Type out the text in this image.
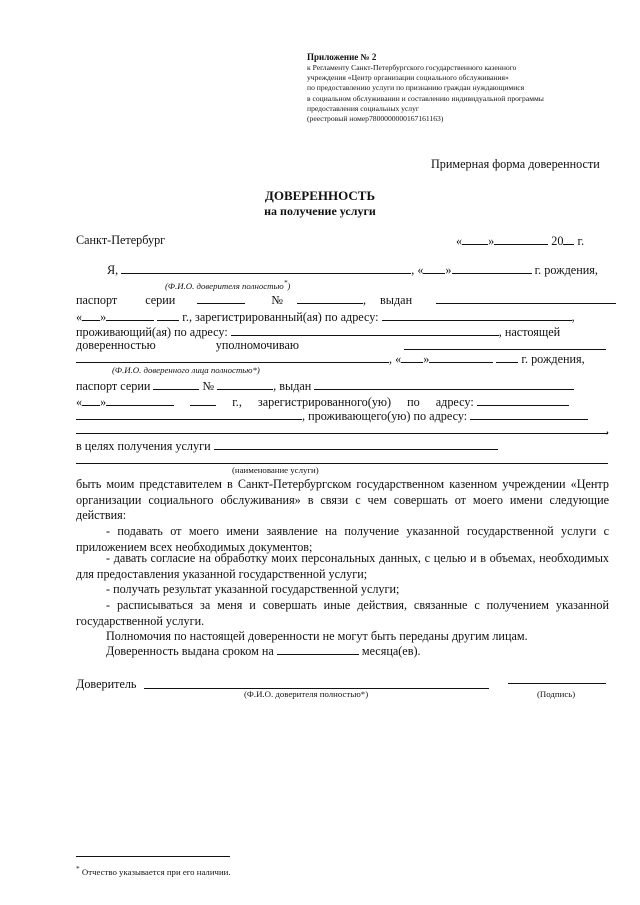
Приложение № 2
к Регламенту Санкт-Петербургского государственного казенного
учреждения «Центр организации социального обслуживания»
по предоставлению услуги по признанию граждан нуждающимися
в социальном обслуживании и составлению индивидуальной программы
предоставления социальных услуг
(реестровый номер7800000000167161163)
Примерная форма доверенности
ДОВЕРЕННОСТЬ
на получение услуги
Санкт-Петербург	« »	20 г.
Я,	, « »	г. рождения,
(Ф.И.О. доверителя полностью*)
паспорт серии	№	, выдан
« »	г., зарегистрированный(ая) по адресу:	,
проживающий(ая) по адресу:	, настоящей
доверенностью	уполномочиваю
, « »	г. рождения,
(Ф.И.О. доверенного лица полностью*)
паспорт серии	№	, выдан
« »	г., зарегистрированного(ую) по адресу:
, проживающего(ую) по адресу:
,
в целях получения услуги
(наименование услуги)
быть моим представителем в Санкт-Петербургском государственном казенном учреждении «Центр организации социального обслуживания» в связи с чем совершать от моего имени следующие действия:
- подавать от моего имени заявление на получение указанной государственной услуги с приложением всех необходимых документов;
- давать согласие на обработку моих персональных данных, с целью и в объемах, необходимых для предоставления указанной государственной услуги;
- получать результат указанной государственной услуги;
- расписываться за меня и совершать иные действия, связанные с получением указанной государственной услуги.
Полномочия по настоящей доверенности не могут быть переданы другим лицам.
Доверенность выдана сроком на	месяца(ев).
Доверитель
(Ф.И.О. доверителя полностью*)	(Подпись)
* Отчество указывается при его наличии.
